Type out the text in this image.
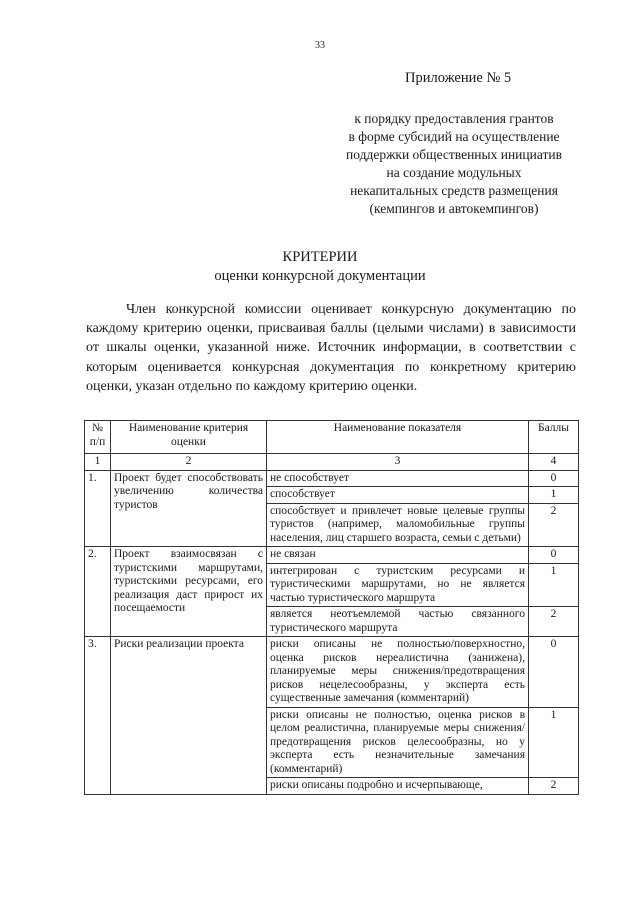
33
Приложение № 5
к порядку предоставления грантов
в форме субсидий на осуществление
поддержки общественных инициатив
на создание модульных
некапитальных средств размещения
(кемпингов и автокемпингов)
КРИТЕРИИ
оценки конкурсной документации

Член конкурсной комиссии оценивает конкурсную документацию по каждому критерию оценки, присваивая баллы (целыми числами) в зависимости от шкалы оценки, указанной ниже. Источник информации, в соответствии с которым оценивается конкурсная документация по конкретному критерию оценки, указан отдельно по каждому критерию оценки.

№ п/п	Наименование критерия оценки	Наименование показателя	Баллы
1	2	3	4
1.	Проект будет способствовать увеличению количества туристов	не способствует	0
		способствует	1
		способствует и привлечет новые целевые группы туристов (например, маломобильные группы населения, лиц старшего возраста, семьи с детьми)	2
2.	Проект взаимосвязан с туристскими маршрутами, туристскими ресурсами, его реализация даст прирост их посещаемости	не связан	0
		интегрирован с туристским ресурсами и туристическими маршрутами, но не является частью туристического маршрута	1
		является неотъемлемой частью связанного туристического маршрута	2
3.	Риски реализации проекта	риски описаны не полностью/поверхностно, оценка рисков нереалистична (занижена), планируемые меры снижения/предотвращения рисков нецелесообразны, у эксперта есть существенные замечания (комментарий)	0
		риски описаны не полностью, оценка рисков в целом реалистична, планируемые меры снижения/предотвращения рисков целесообразны, но у эксперта есть незначительные замечания (комментарий)	1
		риски описаны подробно и исчерпывающе,	2
